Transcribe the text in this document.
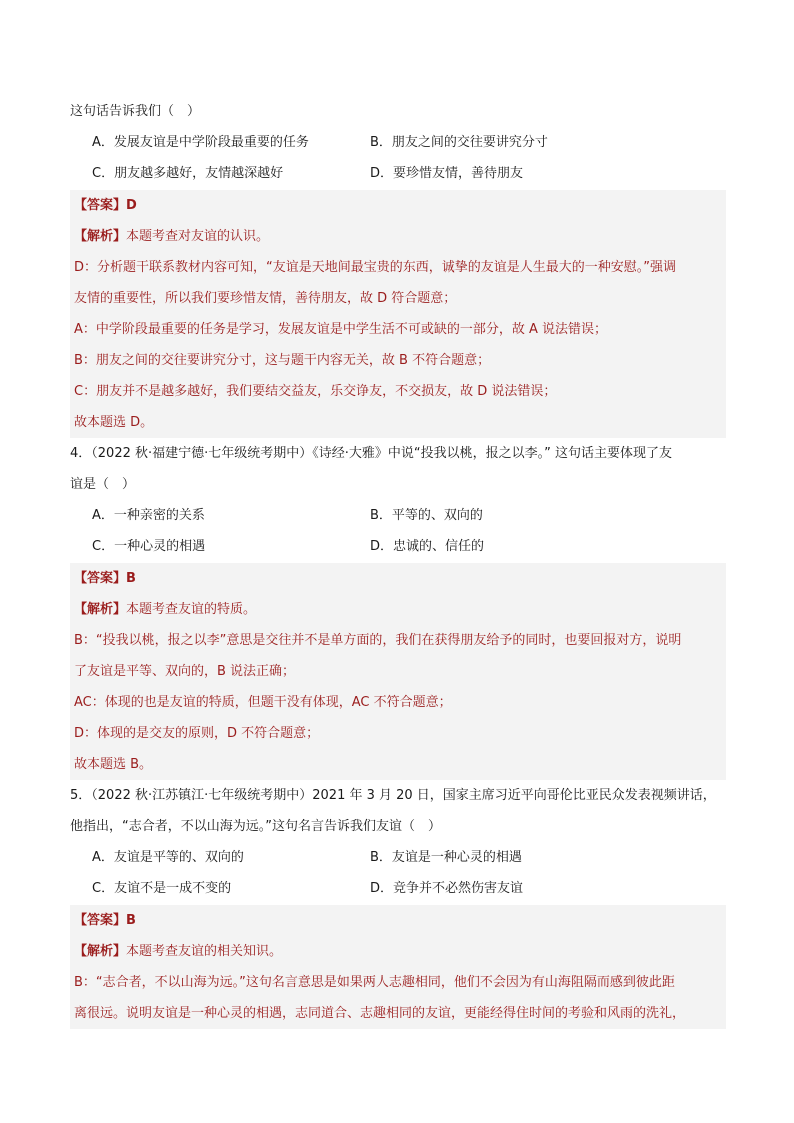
这句话告诉我们（　）
A．发展友谊是中学阶段最重要的任务	B．朋友之间的交往要讲究分寸
C．朋友越多越好，友情越深越好	D．要珍惜友情，善待朋友
【答案】D
【解析】本题考查对友谊的认识。
D：分析题干联系教材内容可知，“友谊是天地间最宝贵的东西，诚挚的友谊是人生最大的一种安慰。”强调
友情的重要性，所以我们要珍惜友情，善待朋友，故 D 符合题意；
A：中学阶段最重要的任务是学习，发展友谊是中学生活不可或缺的一部分，故 A 说法错误；
B：朋友之间的交往要讲究分寸，这与题干内容无关，故 B 不符合题意；
C：朋友并不是越多越好，我们要结交益友，乐交诤友，不交损友，故 D 说法错误；
故本题选 D。
4．（2022 秋·福建宁德·七年级统考期中）《诗经·大雅》中说“投我以桃，报之以李。” 这句话主要体现了友
谊是（　）
A．一种亲密的关系	B．平等的、双向的
C．一种心灵的相遇	D．忠诚的、信任的
【答案】B
【解析】本题考查友谊的特质。
B：“投我以桃，报之以李”意思是交往并不是单方面的，我们在获得朋友给予的同时，也要回报对方，说明
了友谊是平等、双向的，B 说法正确；
AC：体现的也是友谊的特质，但题干没有体现，AC 不符合题意；
D：体现的是交友的原则，D 不符合题意；
故本题选 B。
5．（2022 秋·江苏镇江·七年级统考期中）2021 年 3 月 20 日，国家主席习近平向哥伦比亚民众发表视频讲话，
他指出，“志合者，不以山海为远。”这句名言告诉我们友谊（　）
A．友谊是平等的、双向的	B．友谊是一种心灵的相遇
C．友谊不是一成不变的	D．竞争并不必然伤害友谊
【答案】B
【解析】本题考查友谊的相关知识。
B：“志合者，不以山海为远。”这句名言意思是如果两人志趣相同，他们不会因为有山海阻隔而感到彼此距
离很远。说明友谊是一种心灵的相遇，志同道合、志趣相同的友谊，更能经得住时间的考验和风雨的洗礼，
